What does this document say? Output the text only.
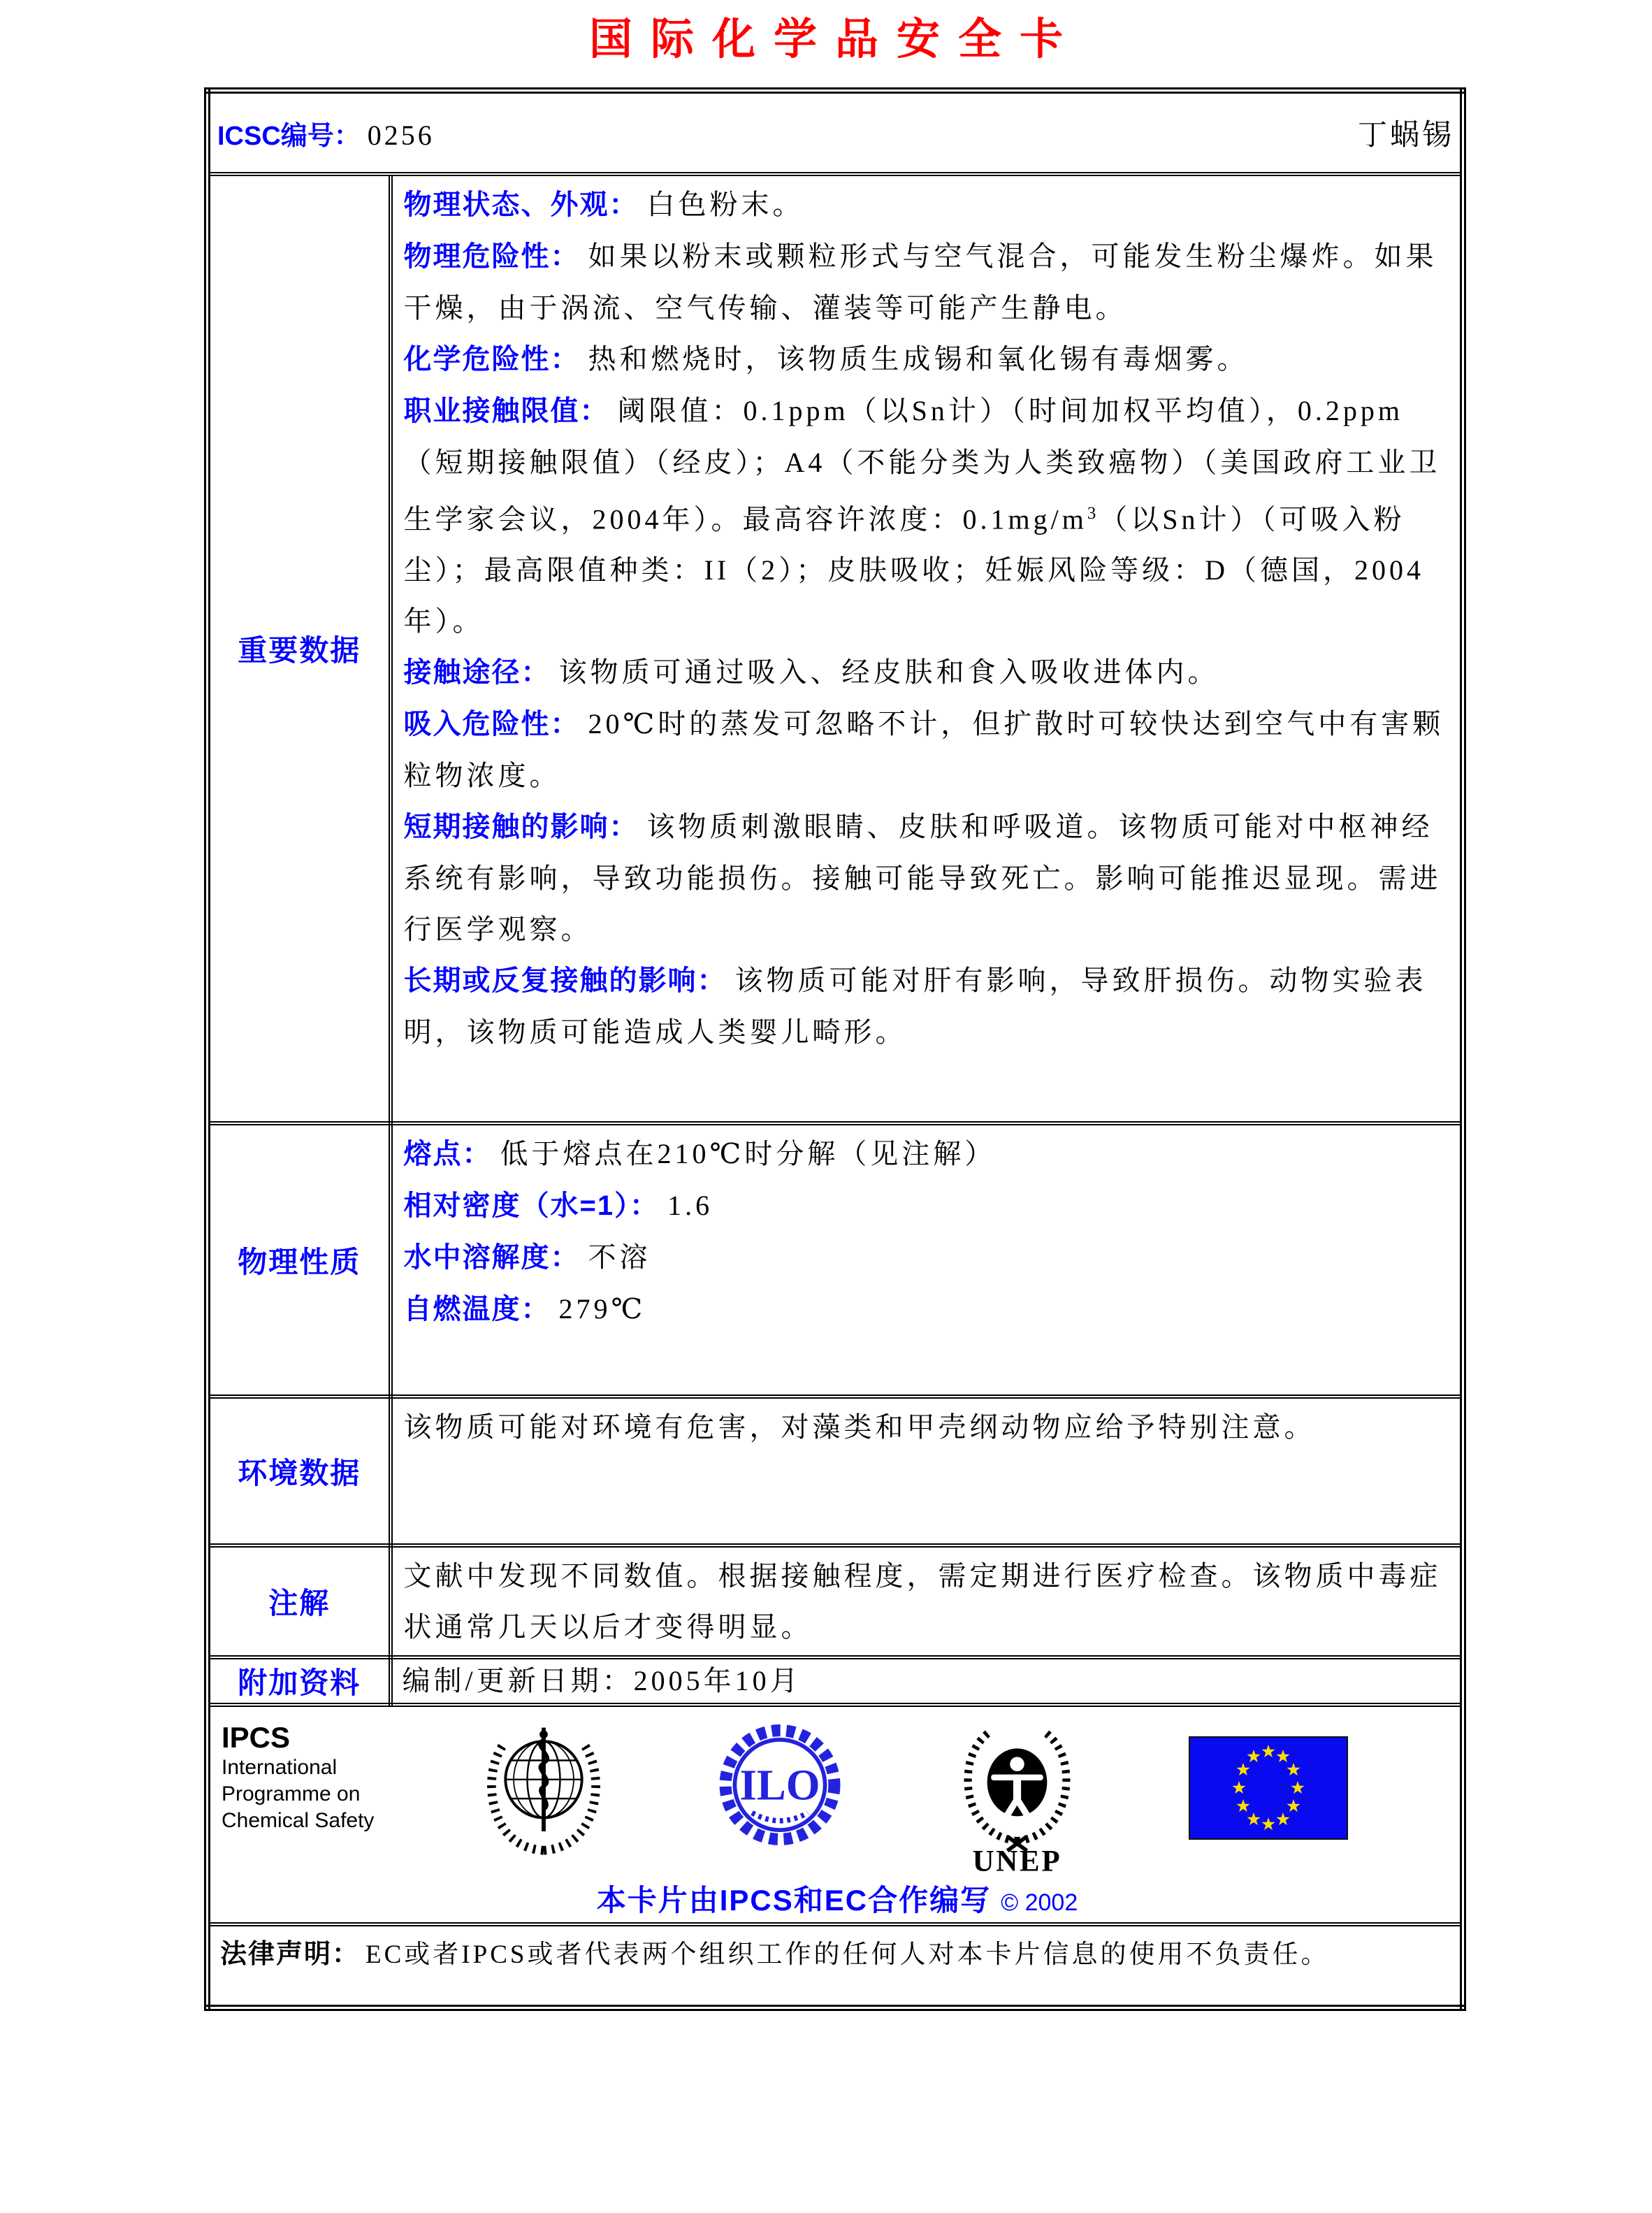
国际化学品安全卡
ICSC编号： 0256 丁蜗锡	

重要数据	
物理状态、外观： 白色粉末。
物理危险性： 如果以粉末或颗粒形式与空气混合，可能发生粉尘爆炸。如果干燥，由于涡流、空气传输、灌装等可能产生静电。
化学危险性： 热和燃烧时，该物质生成锡和氧化锡有毒烟雾。
职业接触限值： 阈限值：0.1ppm（以Sn计）（时间加权平均值），0.2ppm（短期接触限值）（经皮）；A4（不能分类为人类致癌物）（美国政府工业卫生学家会议，2004年）。最高容许浓度：$0.1mg/m^3$（以Sn计）（可吸入粉尘）；最高限值种类：II（2）；皮肤吸收；妊娠风险等级：D（德国，2004年）。
接触途径： 该物质可通过吸入、经皮肤和食入吸收进体内。
吸入危险性： 20℃时的蒸发可忽略不计，但扩散时可较快达到空气中有害颗粒物浓度。
短期接触的影响： 该物质刺激眼睛、皮肤和呼吸道。该物质可能对中枢神经系统有影响，导致功能损伤。接触可能导致死亡。影响可能推迟显现。需进行医学观察。
长期或反复接触的影响： 该物质可能对肝有影响，导致肝损伤。动物实验表明，该物质可能造成人类婴儿畸形。

物理性质	熔点： 低于熔点在210℃时分解（见注解）
相对密度（水=1）： 1.6
水中溶解度： 不溶
自燃温度： 279℃

环境数据	该物质可能对环境有危害，对藻类和甲壳纲动物应给予特别注意。

注解	文献中发现不同数值。根据接触程度，需定期进行医疗检查。该物质中毒症状通常几天以后才变得明显。

附加资料	编制/更新日期：2005年10月

IPCS
International
Programme on
Chemical Safety
ILO
UNEP
本卡片由IPCS和EC合作编写 © 2002

法律声明： EC或者IPCS或者代表两个组织工作的任何人对本卡片信息的使用不负责任。	
